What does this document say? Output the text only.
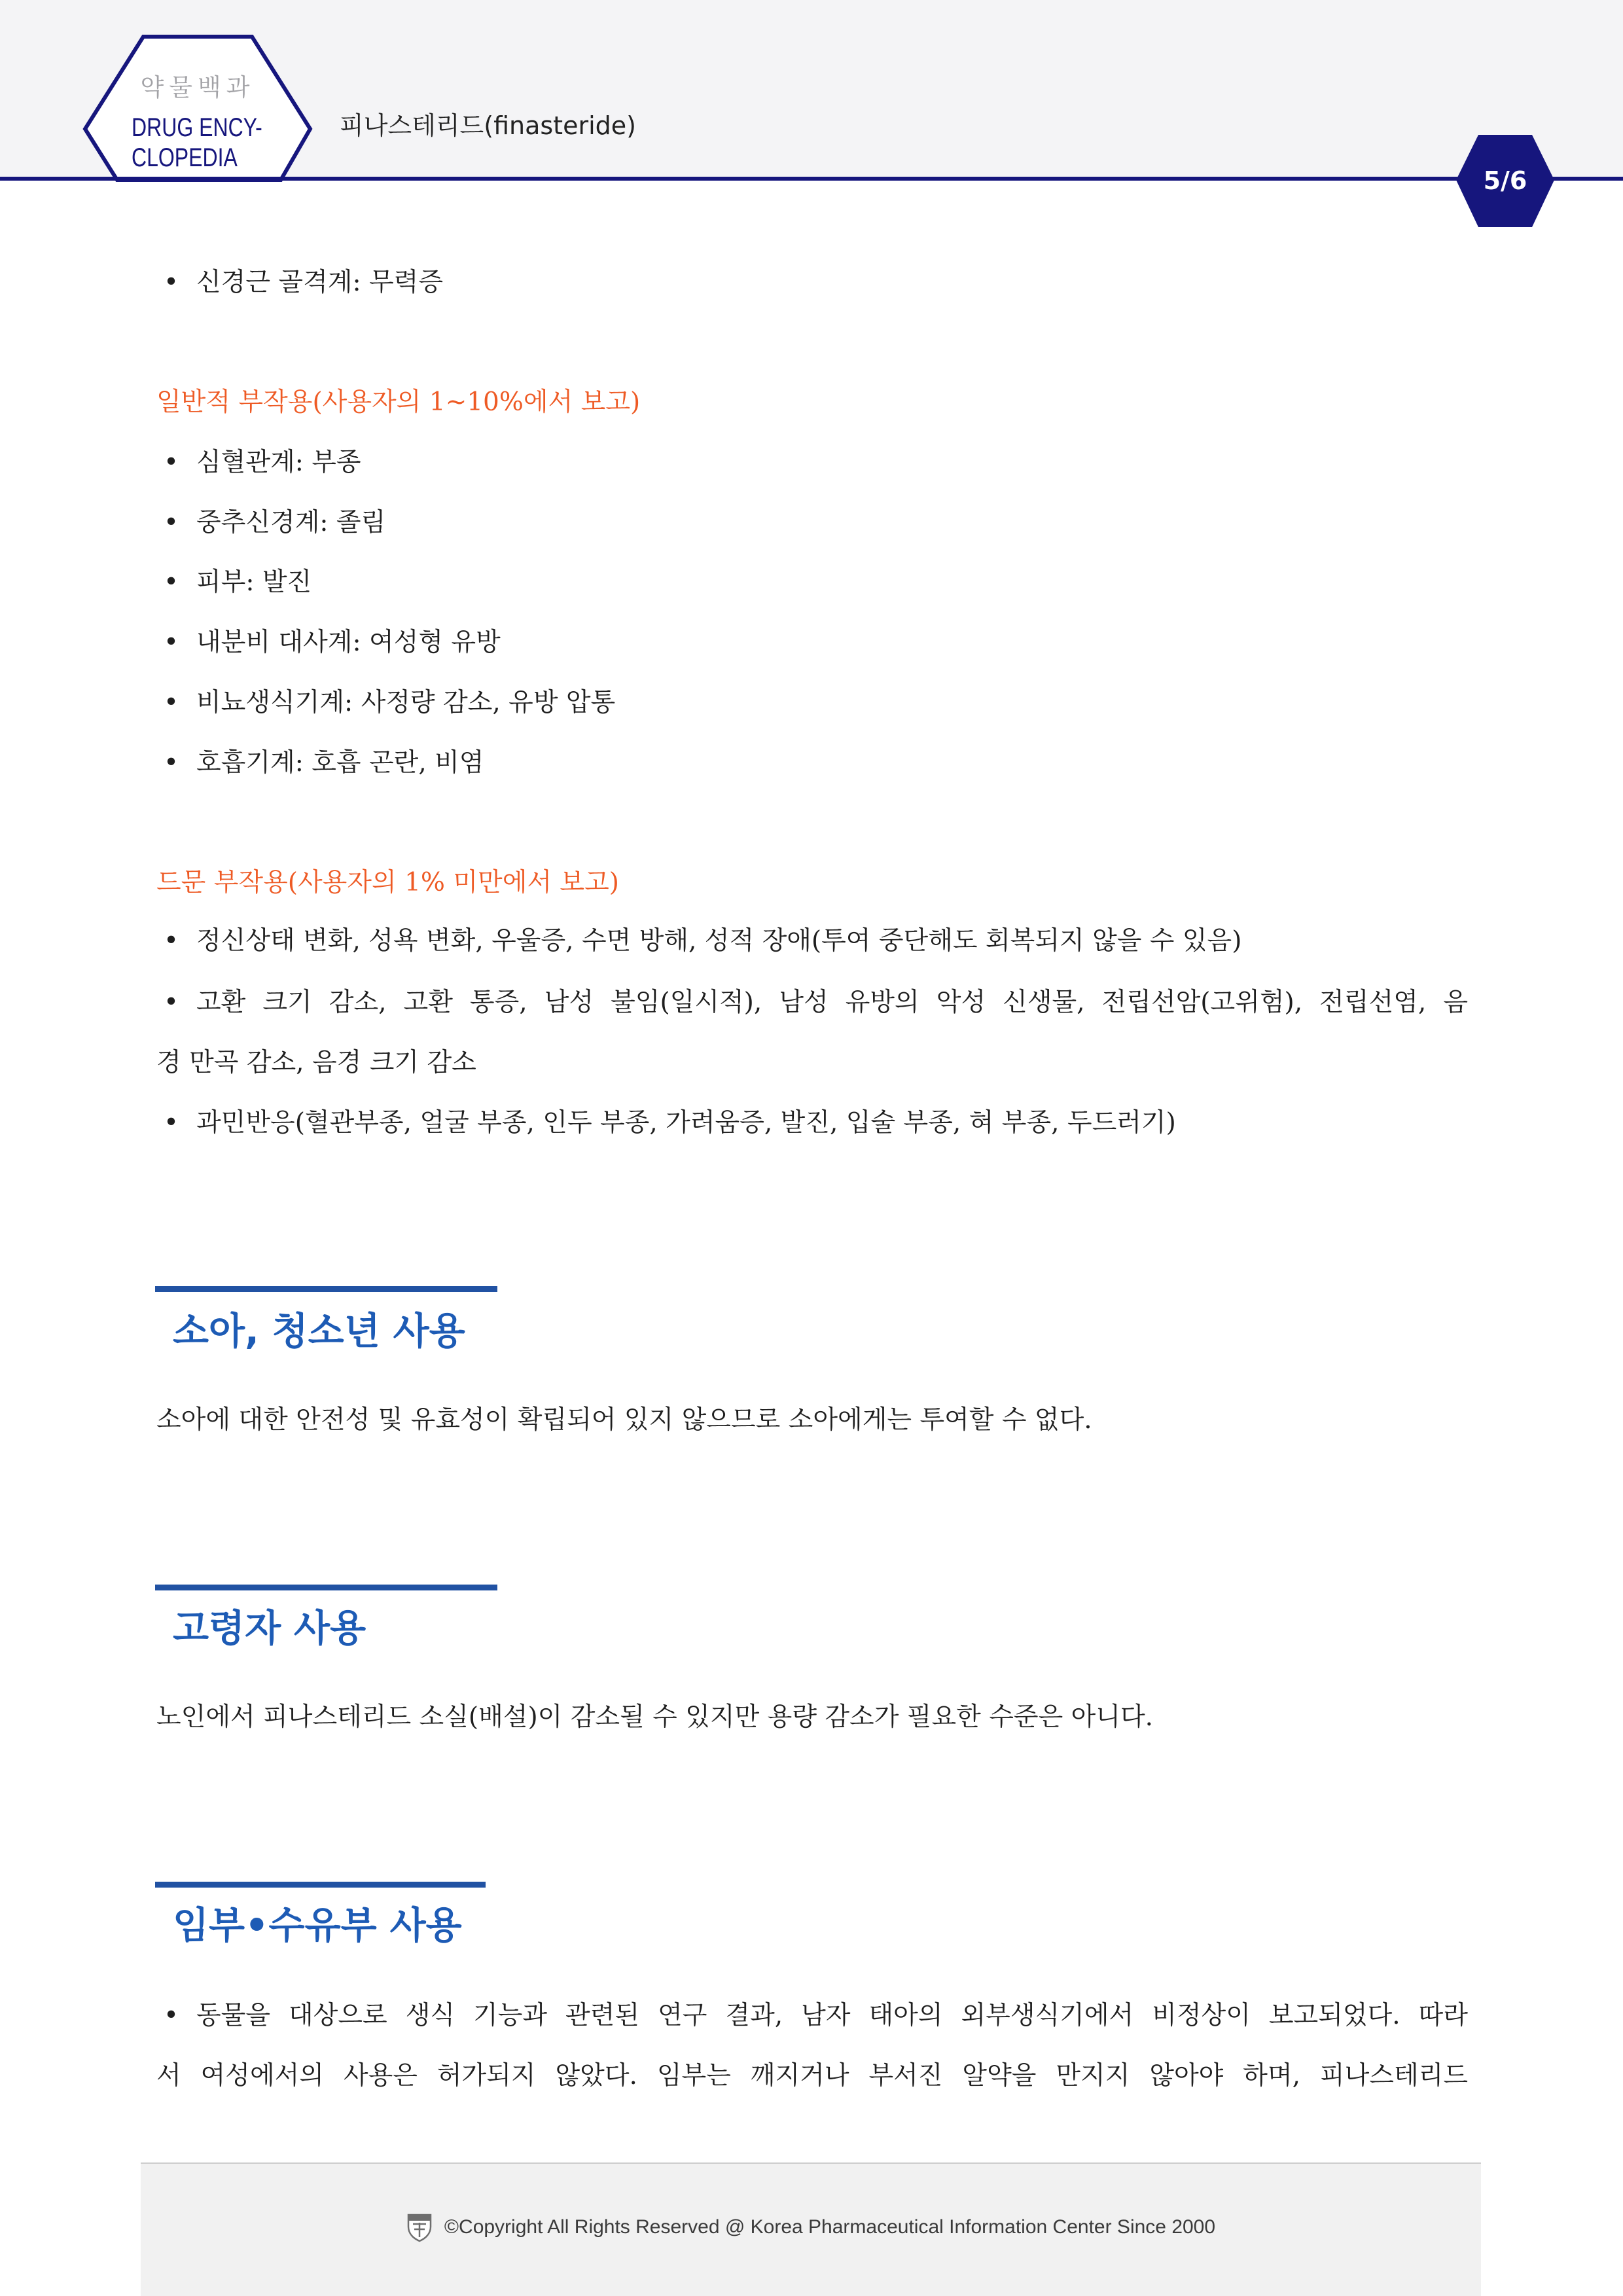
약물백과
DRUG ENCY-
CLOPEDIA
피나스테리드(finasteride)
5/6
• 신경근 골격계: 무력증
일반적 부작용(사용자의 1~10%에서 보고)
• 심혈관계: 부종
• 중추신경계: 졸림
• 피부: 발진
• 내분비 대사계: 여성형 유방
• 비뇨생식기계: 사정량 감소, 유방 압통
• 호흡기계: 호흡 곤란, 비염
드문 부작용(사용자의 1% 미만에서 보고)
• 정신상태 변화, 성욕 변화, 우울증, 수면 방해, 성적 장애(투여 중단해도 회복되지 않을 수 있음)
• 고환 크기 감소, 고환 통증, 남성 불임(일시적), 남성 유방의 악성 신생물, 전립선암(고위험), 전립선염, 음
경 만곡 감소, 음경 크기 감소
• 과민반응(혈관부종, 얼굴 부종, 인두 부종, 가려움증, 발진, 입술 부종, 혀 부종, 두드러기)
소아, 청소년 사용
소아에 대한 안전성 및 유효성이 확립되어 있지 않으므로 소아에게는 투여할 수 없다.
고령자 사용
노인에서 피나스테리드 소실(배설)이 감소될 수 있지만 용량 감소가 필요한 수준은 아니다.
임부•수유부 사용
• 동물을 대상으로 생식 기능과 관련된 연구 결과, 남자 태아의 외부생식기에서 비정상이 보고되었다. 따라
서 여성에서의 사용은 허가되지 않았다. 임부는 깨지거나 부서진 알약을 만지지 않아야 하며, 피나스테리드
©Copyright All Rights Reserved @ Korea Pharmaceutical Information Center Since 2000
